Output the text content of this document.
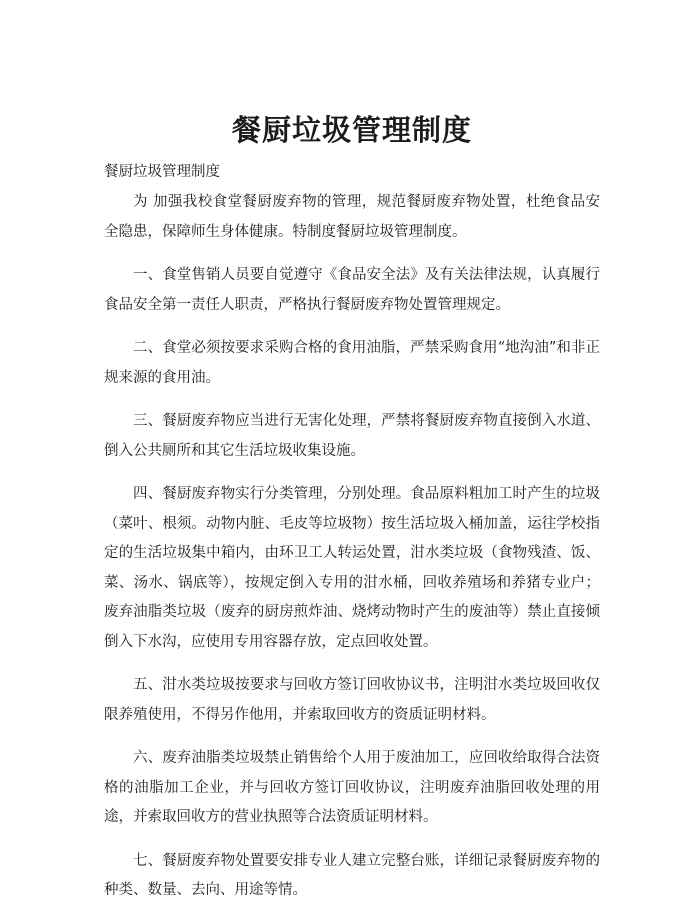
餐厨垃圾管理制度

餐厨垃圾管理制度

为 加强我校食堂餐厨废弃物的管理，规范餐厨废弃物处置，杜绝食品安全隐患，保障师生身体健康。特制度餐厨垃圾管理制度。

一、食堂售销人员要自觉遵守《食品安全法》及有关法律法规，认真履行食品安全第一责任人职责，严格执行餐厨废弃物处置管理规定。

二、食堂必须按要求采购合格的食用油脂，严禁采购食用“地沟油”和非正规来源的食用油。

三、餐厨废弃物应当进行无害化处理，严禁将餐厨废弃物直接倒入水道、倒入公共厕所和其它生活垃圾收集设施。

四、餐厨废弃物实行分类管理，分别处理。食品原料粗加工时产生的垃圾（菜叶、根须。动物内脏、毛皮等垃圾物）按生活垃圾入桶加盖，运往学校指定的生活垃圾集中箱内，由环卫工人转运处置，泔水类垃圾（食物残渣、饭、菜、汤水、锅底等），按规定倒入专用的泔水桶，回收养殖场和养猪专业户；废弃油脂类垃圾（废弃的厨房煎炸油、烧烤动物时产生的废油等）禁止直接倾倒入下水沟，应使用专用容器存放，定点回收处置。

五、泔水类垃圾按要求与回收方签订回收协议书，注明泔水类垃圾回收仅限养殖使用，不得另作他用，并索取回收方的资质证明材料。

六、废弃油脂类垃圾禁止销售给个人用于废油加工，应回收给取得合法资格的油脂加工企业，并与回收方签订回收协议，注明废弃油脂回收处理的用途，并索取回收方的营业执照等合法资质证明材料。

七、餐厨废弃物处置要安排专业人建立完整台账，详细记录餐厨废弃物的种类、数量、去向、用途等情。
